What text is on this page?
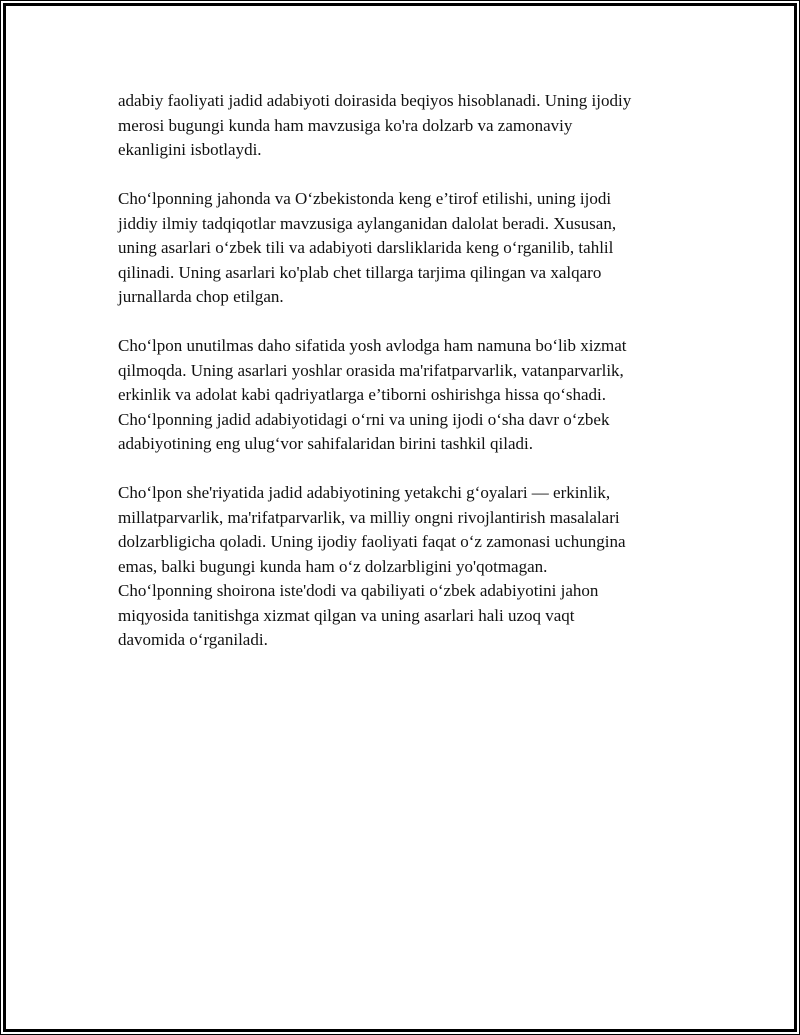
adabiy faoliyati jadid adabiyoti doirasida beqiyos hisoblanadi. Uning ijodiy
merosi bugungi kunda ham mavzusiga ko'ra dolzarb va zamonaviy
ekanligini isbotlaydi.

Cho‘lponning jahonda va O‘zbekistonda keng e’tirof etilishi, uning ijodi
jiddiy ilmiy tadqiqotlar mavzusiga aylanganidan dalolat beradi. Xususan,
uning asarlari o‘zbek tili va adabiyoti darsliklarida keng o‘rganilib, tahlil
qilinadi. Uning asarlari ko'plab chet tillarga tarjima qilingan va xalqaro
jurnallarda chop etilgan.

Cho‘lpon unutilmas daho sifatida yosh avlodga ham namuna bo‘lib xizmat
qilmoqda. Uning asarlari yoshlar orasida ma'rifatparvarlik, vatanparvarlik,
erkinlik va adolat kabi qadriyatlarga e’tiborni oshirishga hissa qo‘shadi.
Cho‘lponning jadid adabiyotidagi o‘rni va uning ijodi o‘sha davr o‘zbek
adabiyotining eng ulug‘vor sahifalaridan birini tashkil qiladi.

Cho‘lpon she'riyatida jadid adabiyotining yetakchi g‘oyalari — erkinlik,
millatparvarlik, ma'rifatparvarlik, va milliy ongni rivojlantirish masalalari
dolzarbligicha qoladi. Uning ijodiy faoliyati faqat o‘z zamonasi uchungina
emas, balki bugungi kunda ham o‘z dolzarbligini yo'qotmagan.
Cho‘lponning shoirona iste'dodi va qabiliyati o‘zbek adabiyotini jahon
miqyosida tanitishga xizmat qilgan va uning asarlari hali uzoq vaqt
davomida o‘rganiladi.
